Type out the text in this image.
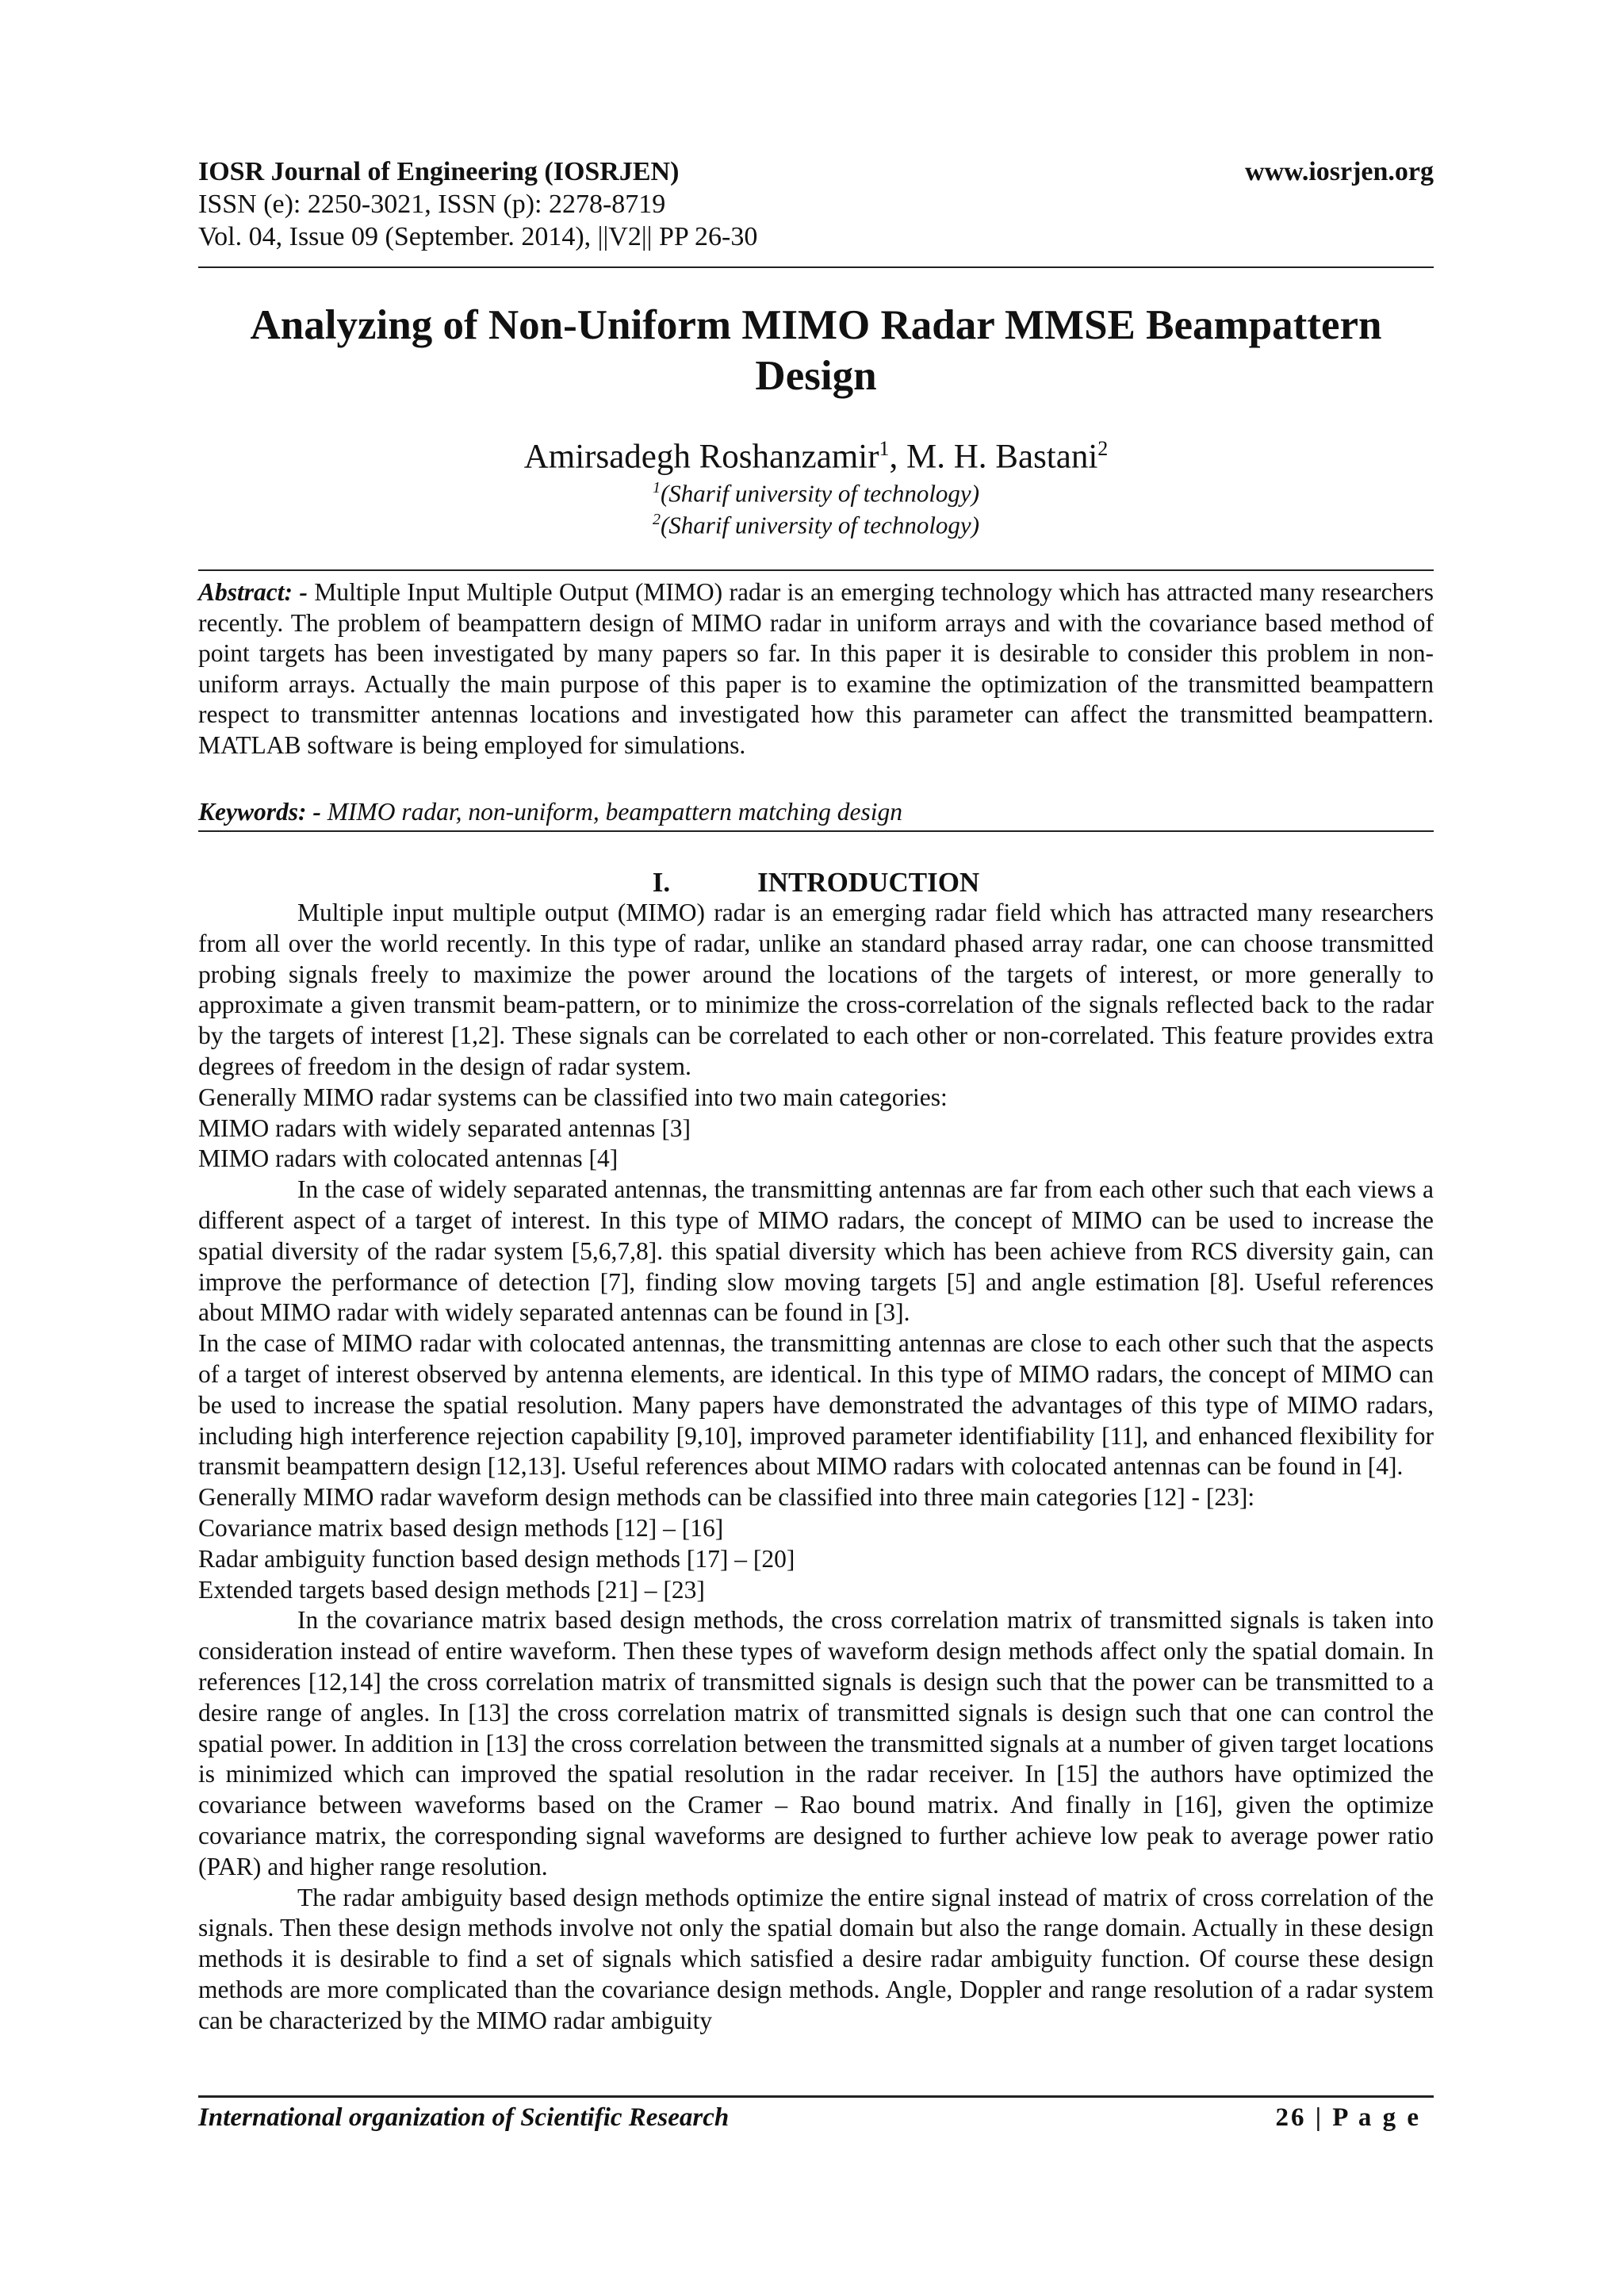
IOSR Journal of Engineering (IOSRJEN)	www.iosrjen.org
ISSN (e): 2250-3021, ISSN (p): 2278-8719
Vol. 04, Issue 09 (September. 2014), ||V2|| PP 26-30
Analyzing of Non-Uniform MIMO Radar MMSE Beampattern
Design
Amirsadegh Roshanzamir$^1$, M. H. Bastani$^2$
$^1$(Sharif university of technology)
$^2$(Sharif university of technology)
Abstract: - Multiple Input Multiple Output (MIMO) radar is an emerging technology which has attracted many researchers recently. The problem of beampattern design of MIMO radar in uniform arrays and with the covariance based method of point targets has been investigated by many papers so far. In this paper it is desirable to consider this problem in non-uniform arrays. Actually the main purpose of this paper is to examine the optimization of the transmitted beampattern respect to transmitter antennas locations and investigated how this parameter can affect the transmitted beampattern. MATLAB software is being employed for simulations.
Keywords: - MIMO radar, non-uniform, beampattern matching design
I.	INTRODUCTION

Multiple input multiple output (MIMO) radar is an emerging radar field which has attracted many researchers from all over the world recently. In this type of radar, unlike an standard phased array radar, one can choose transmitted probing signals freely to maximize the power around the locations of the targets of interest, or more generally to approximate a given transmit beam-pattern, or to minimize the cross-correlation of the signals reflected back to the radar by the targets of interest [1,2]. These signals can be correlated to each other or non-correlated. This feature provides extra degrees of freedom in the design of radar system.

Generally MIMO radar systems can be classified into two main categories:

MIMO radars with widely separated antennas [3]

MIMO radars with colocated antennas [4]

In the case of widely separated antennas, the transmitting antennas are far from each other such that each views a different aspect of a target of interest. In this type of MIMO radars, the concept of MIMO can be used to increase the spatial diversity of the radar system [5,6,7,8]. this spatial diversity which has been achieve from RCS diversity gain, can improve the performance of detection [7], finding slow moving targets [5] and angle estimation [8]. Useful references about MIMO radar with widely separated antennas can be found in [3].

In the case of MIMO radar with colocated antennas, the transmitting antennas are close to each other such that the aspects of a target of interest observed by antenna elements, are identical. In this type of MIMO radars, the concept of MIMO can be used to increase the spatial resolution. Many papers have demonstrated the advantages of this type of MIMO radars, including high interference rejection capability [9,10], improved parameter identifiability [11], and enhanced flexibility for transmit beampattern design [12,13]. Useful references about MIMO radars with colocated antennas can be found in [4].

Generally MIMO radar waveform design methods can be classified into three main categories [12] - [23]:

Covariance matrix based design methods [12] – [16]

Radar ambiguity function based design methods [17] – [20]

Extended targets based design methods [21] – [23]

In the covariance matrix based design methods, the cross correlation matrix of transmitted signals is taken into consideration instead of entire waveform. Then these types of waveform design methods affect only the spatial domain. In references [12,14] the cross correlation matrix of transmitted signals is design such that the power can be transmitted to a desire range of angles. In [13] the cross correlation matrix of transmitted signals is design such that one can control the spatial power. In addition in [13] the cross correlation between the transmitted signals at a number of given target locations is minimized which can improved the spatial resolution in the radar receiver. In [15] the authors have optimized the covariance between waveforms based on the Cramer – Rao bound matrix. And finally in [16], given the optimize covariance matrix, the corresponding signal waveforms are designed to further achieve low peak to average power ratio (PAR) and higher range resolution.

The radar ambiguity based design methods optimize the entire signal instead of matrix of cross correlation of the signals. Then these design methods involve not only the spatial domain but also the range domain. Actually in these design methods it is desirable to find a set of signals which satisfied a desire radar ambiguity function. Of course these design methods are more complicated than the covariance design methods. Angle, Doppler and range resolution of a radar system can be characterized by the MIMO radar ambiguity

International organization of Scientific Research	26 | P a g e
